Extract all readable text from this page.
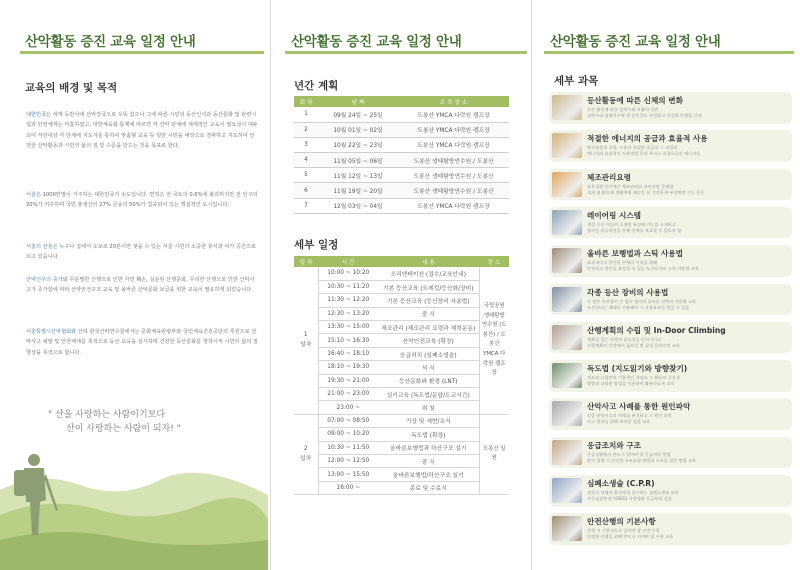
산악활동 증진 교육 일정 안내
교육의 배경 및 목적
대한민국은 세계 등반사에 산악강국으로 우뚝 섰으나 그에 따른 시민의 등산인식과 등산문화 및 관련시설과 안전체계는 미흡하였고, 대한체육회 통계에 따르면 각 산악 단체에 체계적인 교육이 필요성이 대두되어 서민대상 각 단체에 지도자를 통하여 맞춤형 교육 등 일반 시민을 대상으로 전파하고 지도하여 안전한 산악활동과 시민의 삶의 질 및 수준을 만드는 것을 목표로 한다.
서울은 1000만명이 거주하는 대한민국의 수도입니다. 면적은 전 국토의 0.6%에 불과하지만 전 인구의 20%가 거주하며 국민 총생산의 27% 금융의 50%가 집중되어 있는 핵심적인 도시입니다.
서울의 산들은 누구나 집에서 도보로 20분이면 찾을 수 있는 서울 시민의 소중한 휴식과 여가 공간으로 되고 있습니다.
산악인구의 증가와 무분별한 산행으로 인한 자연 훼손, 실분된 산행문화, 무리한 산행으로 인한 산악사고가 증가함에 따라 산악안전구조 교육 및 올바른 산악문화 보급을 위한 교육이 필요하게 되었습니다.
서울특별시산악협회와 산하 한국산악연수원에서는 문화체육관광부와 국민체육진흥공단의 후원으로 산악사고 예방 및 안전체계를 목적으로 등산 교육을 실시하며 건전한 등산문화를 정착시켜 시민의 삶의 질 향상을 목적으로 합니다.
" 산을 사랑하는 사람이기보다
산이 사랑하는 사람이 되자! "
산악활동 증진 교육 일정 안내
년간 계획
회 차	날 짜	교 육 장 소
1	09월 24일 ~ 25일	도봉산 YMCA 다락원 캠프장
2	10월 01일 ~ 02일	도봉산 YMCA 다락원 캠프장
3	10월 22일 ~ 23일	도봉산 YMCA 다락원 캠프장
4	11월 05일 ~ 06일	도봉산 생태탐방연수원 / 도봉산
5	11월 12일 ~ 13일	도봉산 생태탐방연수원 / 도봉산
6	11월 19일 ~ 20일	도봉산 생태탐방연수원 / 도봉산
7	12월 03일 ~ 04일	도봉산 YMCA 다락원 캠프장
세부 일정
일 차	시 간	내 용	장 소
1
일차	10:00 ~ 10:20	오리엔테이션 (접수/교육안내)	국립공원 생태탐방 연수원 (도봉산) / 도봉산 YMCA 다락원 캠프장
	10:30 ~ 11:20	기본 등산교육 (트레킹/등산화/장비)	
	11:30 ~ 12:20	기본 등산교육 (등산장비 사용법)	
	12:30 ~ 13:20	중 식	
	13:30 ~ 15:00	체조관리 (체조관리 요령과 체력운동)	
	15:10 ~ 16:30	산악안전교육 (확장)	
	16:40 ~ 18:10	응급처치 (심폐소생술)	
	18:10 ~ 19:30	석 식	
	19:30 ~ 21:00	등산문화와 환경 (LNT)	
	21:00 ~ 23:00	실기교육 (독도법/문답/도교시간)	
	23:00 ~	취 침	
2
일차	07:00 ~ 08:50	기상 및 세면/조식	도봉산 일원
	09:00 ~ 10:20	독도법 (확장)	
	10:30 ~ 11:50	올바른보행법과 하산구조 실기	
	12:00 ~ 12:50	중 식	
	13:00 ~ 15:50	올바른보행법/하산구조 실기	
	16:00 ~	종료 및 수료식	
산악활동 증진 교육 일정 안내
세부 과목
등산활동에 따른 신체의 변화
등산 활동에 따른 심박수와 호흡의 상관
심박수와 심폐지구력 및 운동강도 안전하고 건강한 산행을 안내
적절한 에너지의 공급과 효율적 사용
탄수화물과 지방, 수분의 적절한 공급과 그 과정과
에너지의 효율적인 사용방법 등과 무리스 코칭으로의 에너지를
체조관리요령
요통질환 등산에서 체조관리와 유의사항 문제점
적게 쉽게/오래 생활체력 매순간 더 건강하게 부상예방 기능 운동
레이어링 시스템
계절 등산 의류의 소재별 특성에 기능을 소개하고
올바른 의류착용을 통해 신체를 보호할 수 있도록 함
올바른 보행법과 스틱 사용법
효과적이고 편안한 산행의 이익을 위해
안전하고 편안을 보장할 수 있는 도구로서의 스틱 사용법 교육
각종 등산 장비의 사용법
수 많은 등산장비 중 필수 장비의 올바른 선택과 사용법 교육
등산장비는 제대로 사용해야 그 사용효과를 얻을 수 있음
산행계획의 수립 및 In-Door Climbing
계획성 있는 산행의 필요성을 인지시키고
산행계획의 안전에서 필요성 및 실내 클라이밍 교육
독도법 (지도읽기와 방향찾기)
지도와 나침반의 기본적인 개념과 그 활용의 중요성
방향과 다양한 방법을 이용하여 활용하도록 교육
산악사고 사례를 통한 원인파악
각종 산악사고의 사례를 분석하고 그 원인 파악
사고 방지를 위해 주의할 점을 교육
응급조치와 구조
응급상황에서 반드시 알아야 할 응급처치 방법
환자 발생 시 신속한 구조요청 방법과 구조를 위한 방법 교육
심폐소생술 (C.P.R)
심정지 상태의 환자에게 실시하는 심폐소생술 교육
자동심장충격기(AED) 사용법과 응급처치 실습
안전산행의 기본사항
산행 시 기본적으로 알아야 할 안전 수칙
안전한 산행을 위해 반드시 지켜야 할 사항 교육
